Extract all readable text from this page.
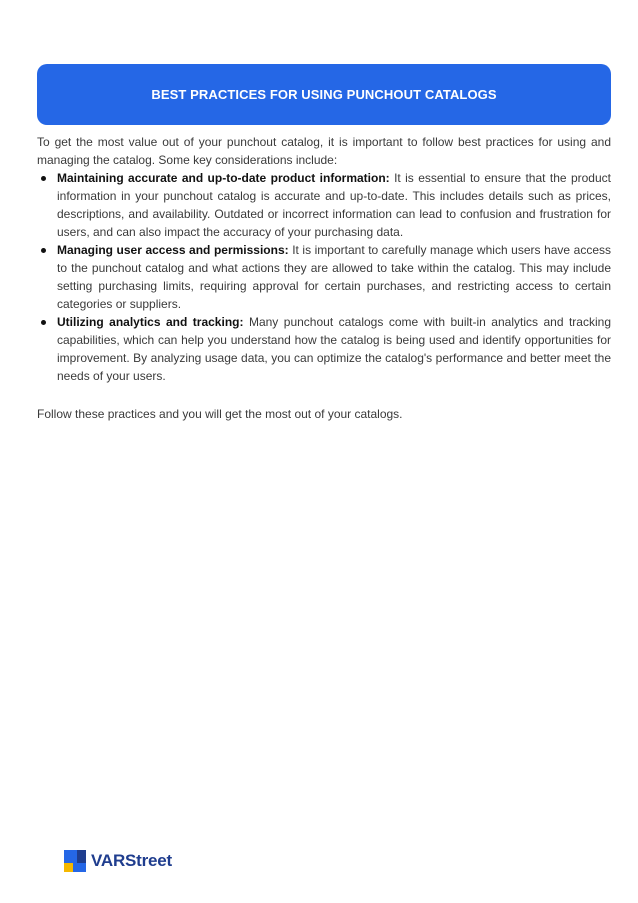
BEST PRACTICES FOR USING PUNCHOUT CATALOGS

To get the most value out of your punchout catalog, it is important to follow best practices for using and managing the catalog. Some key considerations include:

Maintaining accurate and up-to-date product information: It is essential to ensure that the product information in your punchout catalog is accurate and up-to-date. This includes details such as prices, descriptions, and availability. Outdated or incorrect information can lead to confusion and frustration for users, and can also impact the accuracy of your purchasing data.
Managing user access and permissions: It is important to carefully manage which users have access to the punchout catalog and what actions they are allowed to take within the catalog. This may include setting purchasing limits, requiring approval for certain purchases, and restricting access to certain categories or suppliers.
Utilizing analytics and tracking: Many punchout catalogs come with built-in analytics and tracking capabilities, which can help you understand how the catalog is being used and identify opportunities for improvement. By analyzing usage data, you can optimize the catalog's performance and better meet the needs of your users.

Follow these practices and you will get the most out of your catalogs.

VARStreet
